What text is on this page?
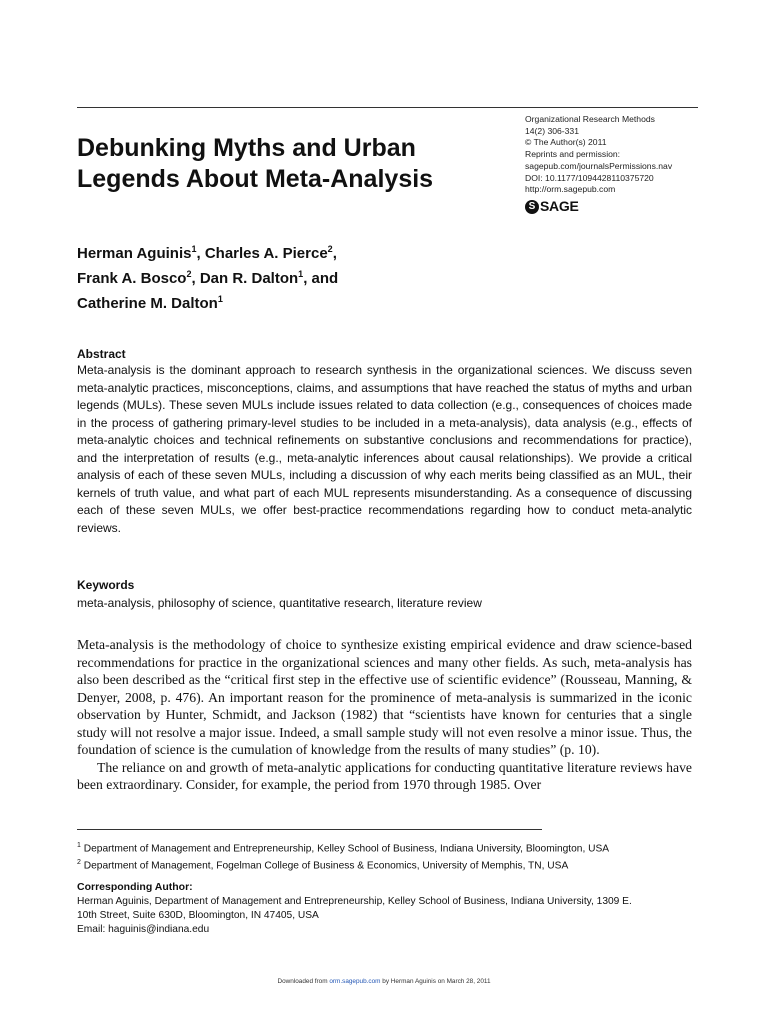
Debunking Myths and Urban
Legends About Meta-Analysis
Organizational Research Methods
14(2) 306-331
© The Author(s) 2011
Reprints and permission:
sagepub.com/journalsPermissions.nav
DOI: 10.1177/1094428110375720
http://orm.sagepub.com
S SAGE
Herman Aguinis$^1$, Charles A. Pierce$^2$,
Frank A. Bosco$^2$, Dan R. Dalton$^1$, and
Catherine M. Dalton$^1$
Abstract
Meta-analysis is the dominant approach to research synthesis in the organizational sciences. We discuss seven meta-analytic practices, misconceptions, claims, and assumptions that have reached the status of myths and urban legends (MULs). These seven MULs include issues related to data collection (e.g., consequences of choices made in the process of gathering primary-level studies to be included in a meta-analysis), data analysis (e.g., effects of meta-analytic choices and technical refinements on substantive conclusions and recommendations for practice), and the interpretation of results (e.g., meta-analytic inferences about causal relationships). We provide a critical analysis of each of these seven MULs, including a discussion of why each merits being classified as an MUL, their kernels of truth value, and what part of each MUL represents misunderstanding. As a consequence of discussing each of these seven MULs, we offer best-practice recommendations regarding how to conduct meta-analytic reviews.
Keywords
meta-analysis, philosophy of science, quantitative research, literature review

Meta-analysis is the methodology of choice to synthesize existing empirical evidence and draw science-based recommendations for practice in the organizational sciences and many other fields. As such, meta-analysis has also been described as the “critical first step in the effective use of scientific evidence” (Rousseau, Manning, & Denyer, 2008, p. 476). An important reason for the prominence of meta-analysis is summarized in the iconic observation by Hunter, Schmidt, and Jackson (1982) that “scientists have known for centuries that a single study will not resolve a major issue. Indeed, a small sample study will not even resolve a minor issue. Thus, the foundation of science is the cumulation of knowledge from the results of many studies” (p. 10).

The reliance on and growth of meta-analytic applications for conducting quantitative literature reviews have been extraordinary. Consider, for example, the period from 1970 through 1985. Over

$^1$ Department of Management and Entrepreneurship, Kelley School of Business, Indiana University, Bloomington, USA
$^2$ Department of Management, Fogelman College of Business & Economics, University of Memphis, TN, USA
Corresponding Author:
Herman Aguinis, Department of Management and Entrepreneurship, Kelley School of Business, Indiana University, 1309 E.
10th Street, Suite 630D, Bloomington, IN 47405, USA
Email: haguinis@indiana.edu
Downloaded from orm.sagepub.com by Herman Aguinis on March 28, 2011
